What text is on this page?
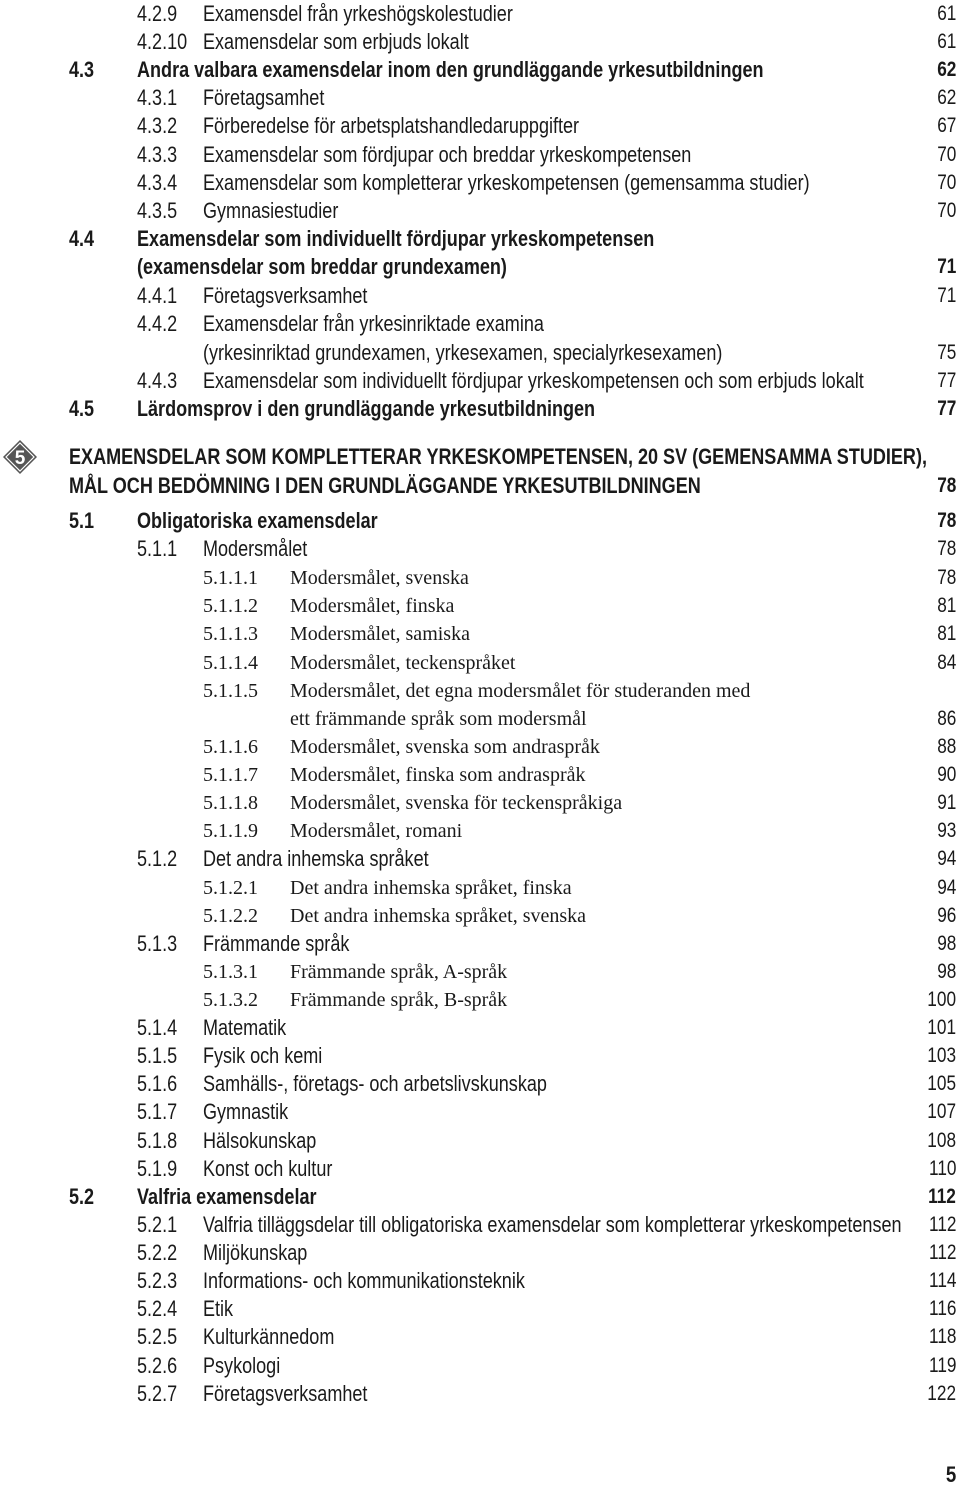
5
4.2.9 Examensdel från yrkeshögskolestudier	61
4.2.10 Examensdelar som erbjuds lokalt	61
4.3 Andra valbara examensdelar inom den grundläggande yrkesutbildningen	62
4.3.1 Företagsamhet	62
4.3.2 Förberedelse för arbetsplatshandledaruppgifter	67
4.3.3 Examensdelar som fördjupar och breddar yrkeskompetensen	70
4.3.4 Examensdelar som kompletterar yrkeskompetensen (gemensamma studier)	70
4.3.5 Gymnasiestudier	70
4.4 Examensdelar som individuellt fördjupar yrkeskompetensen
(examensdelar som breddar grundexamen)	71
4.4.1 Företagsverksamhet	71
4.4.2 Examensdelar från yrkesinriktade examina
(yrkesinriktad grundexamen, yrkesexamen, specialyrkesexamen)	75
4.4.3 Examensdelar som individuellt fördjupar yrkeskompetensen och som erbjuds lokalt	77
4.5 Lärdomsprov i den grundläggande yrkesutbildningen	77
EXAMENSDELAR SOM KOMPLETTERAR YRKESKOMPETENSEN, 20 SV (GEMENSAMMA STUDIER),
MÅL OCH BEDÖMNING I DEN GRUNDLÄGGANDE YRKESUTBILDNINGEN	78
5.1 Obligatoriska examensdelar	78
5.1.1 Modersmålet	78
5.1.1.1 Modersmålet, svenska	78
5.1.1.2 Modersmålet, finska	81
5.1.1.3 Modersmålet, samiska	81
5.1.1.4 Modersmålet, teckenspråket	84
5.1.1.5 Modersmålet, det egna modersmålet för studeranden med
ett främmande språk som modersmål	86
5.1.1.6 Modersmålet, svenska som andraspråk	88
5.1.1.7 Modersmålet, finska som andraspråk	90
5.1.1.8 Modersmålet, svenska för teckenspråkiga	91
5.1.1.9 Modersmålet, romani	93
5.1.2 Det andra inhemska språket	94
5.1.2.1 Det andra inhemska språket, finska	94
5.1.2.2 Det andra inhemska språket, svenska	96
5.1.3 Främmande språk	98
5.1.3.1 Främmande språk, A-språk	98
5.1.3.2 Främmande språk, B-språk	100
5.1.4 Matematik	101
5.1.5 Fysik och kemi	103
5.1.6 Samhälls-, företags- och arbetslivskunskap	105
5.1.7 Gymnastik	107
5.1.8 Hälsokunskap	108
5.1.9 Konst och kultur	110
5.2 Valfria examensdelar	112
5.2.1 Valfria tilläggsdelar till obligatoriska examensdelar som kompletterar yrkeskompetensen 112
5.2.2 Miljökunskap	112
5.2.3 Informations- och kommunikationsteknik	114
5.2.4 Etik	116
5.2.5 Kulturkännedom	118
5.2.6 Psykologi	119
5.2.7 Företagsverksamhet	122
5
